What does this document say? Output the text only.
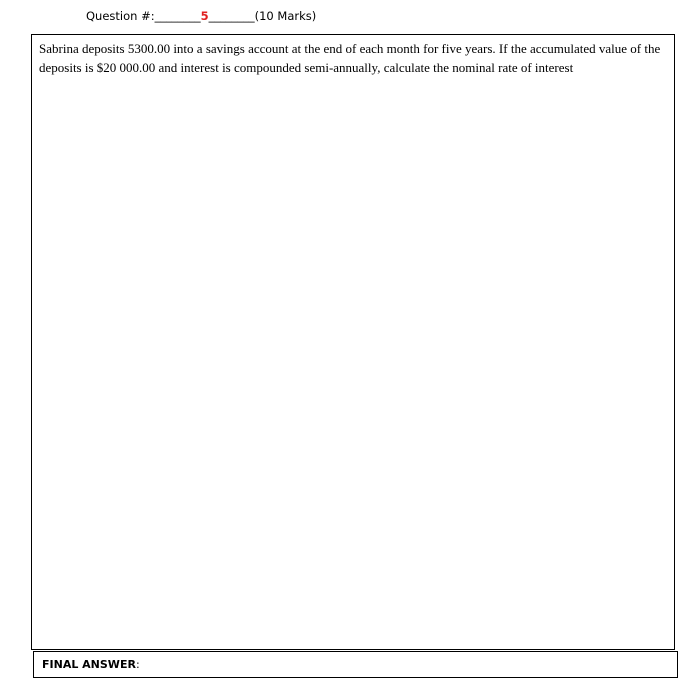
Question #:________5________(10 Marks)
Sabrina deposits 5300.00 into a savings account at the end of each month for five years. If the accumulated value of the deposits is $20 000.00 and interest is compounded semi-annually, calculate the nominal rate of interest
FINAL ANSWER:
